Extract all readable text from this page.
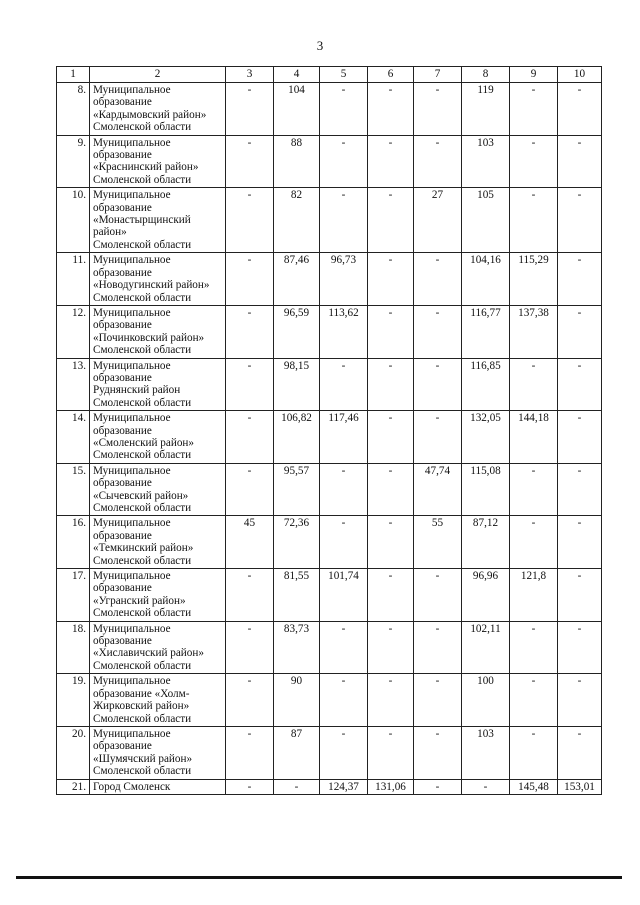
3
1	2	3	4	5	6	7	8	9	10
8.	Муниципальное
образование
«Кардымовский район»
Смоленской области	-	104	-	-	-	119	-	-
9.	Муниципальное
образование
«Краснинский район»
Смоленской области	-	88	-	-	-	103	-	-
10.	Муниципальное
образование
«Монастырщинский
район»
Смоленской области	-	82	-	-	27	105	-	-
11.	Муниципальное
образование
«Новодугинский район»
Смоленской области	-	87,46	96,73	-	-	104,16	115,29	-
12.	Муниципальное
образование
«Починковский район»
Смоленской области	-	96,59	113,62	-	-	116,77	137,38	-
13.	Муниципальное
образование
Руднянский район
Смоленской области	-	98,15	-	-	-	116,85	-	-
14.	Муниципальное
образование
«Смоленский район»
Смоленской области	-	106,82	117,46	-	-	132,05	144,18	-
15.	Муниципальное
образование
«Сычевский район»
Смоленской области	-	95,57	-	-	47,74	115,08	-	-
16.	Муниципальное
образование
«Темкинский район»
Смоленской области	45	72,36	-	-	55	87,12	-	-
17.	Муниципальное
образование
«Угранский район»
Смоленской области	-	81,55	101,74	-	-	96,96	121,8	-
18.	Муниципальное
образование
«Хиславичский район»
Смоленской области	-	83,73	-	-	-	102,11	-	-
19.	Муниципальное
образование «Холм-
Жирковский район»
Смоленской области	-	90	-	-	-	100	-	-
20.	Муниципальное
образование
«Шумячский район»
Смоленской области	-	87	-	-	-	103	-	-
21.	Город Смоленск	-	-	124,37	131,06	-	-	145,48	153,01
